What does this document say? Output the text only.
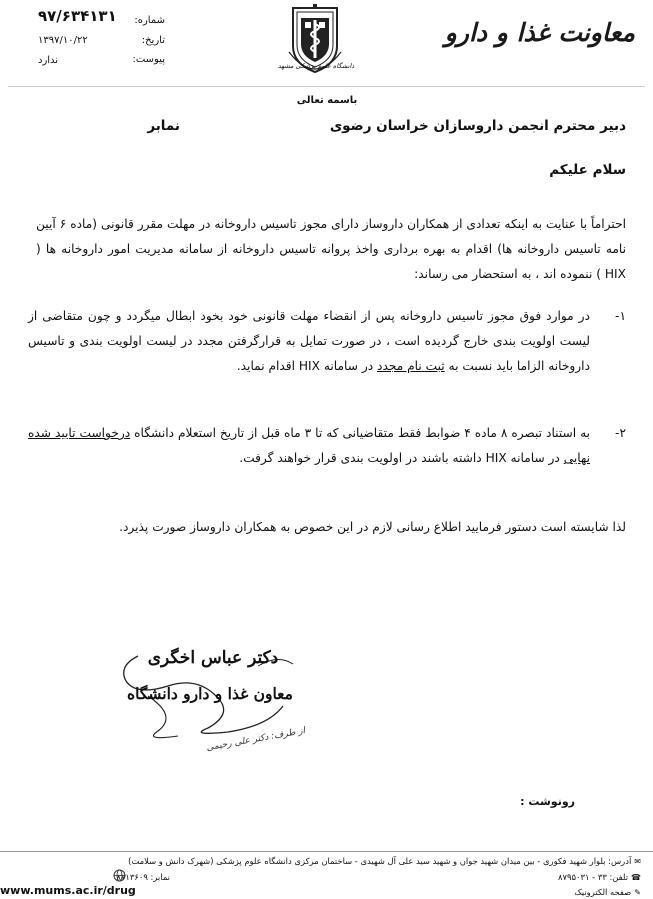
۹۷/۶۳۴۱۳۱ شماره:
۱۳۹۷/۱۰/۲۲	تاریخ:
ندارد	پیوست:
دانشگاه علوم پزشکی مشهد
معاونت غذا و دارو
باسمه تعالی
دبیر محترم انجمن داروسازان خراسان رضوی
نمابر
سلام علیکم
احتراماً با عنایت به اینکه تعدادی از همکاران داروساز دارای مجوز تاسیس داروخانه در مهلت مقرر قانونی (ماده ۶ آیین نامه تاسیس داروخانه ها) اقدام به بهره برداری واخذ پروانه تاسیس داروخانه از سامانه مدیریت امور داروخانه ها ( HIX ) ننموده اند ، به استحضار می رساند:
۱-
در موارد فوق مجوز تاسیس داروخانه پس از انقضاء مهلت قانونی خود بخود ابطال میگردد و چون متقاضی از لیست اولویت بندی خارج گردیده است ، در صورت تمایل به قرارگرفتن مجدد در لیست اولویت بندی و تاسیس داروخانه الزاما باید نسبت به ثبت نام مجدد در سامانه HIX اقدام نماید.
۲-
به استناد تبصره ۸ ماده ۴ ضوابط فقط متقاضیانی که تا ۳ ماه قبل از تاریخ استعلام دانشگاه درخواست تایید شده نهایی در سامانه HIX داشته باشند در اولویت بندی قرار خواهند گرفت.
لذا شایسته است دستور فرمایید اطلاع رسانی لازم در این خصوص به همکاران داروساز صورت پذیرد.
دکتر عباس اخگری
معاون غذا و دارو دانشگاه
از طرف: دکتر علی رحیمی
رونوشت :
✉آدرس: بلوار شهید فکوری - بین میدان شهید جوان و شهید سید علی آل شهیدی - ساختمان مرکزی دانشگاه علوم پزشکی (شهرک دانش و سلامت)
☎تلفن: ۳۳ - ۸۷۹۵۰۳۱
✎صفحه الکترونیک
نمابر: ۸۷۱۳۶۰۹
www.mums.ac.ir/drug
